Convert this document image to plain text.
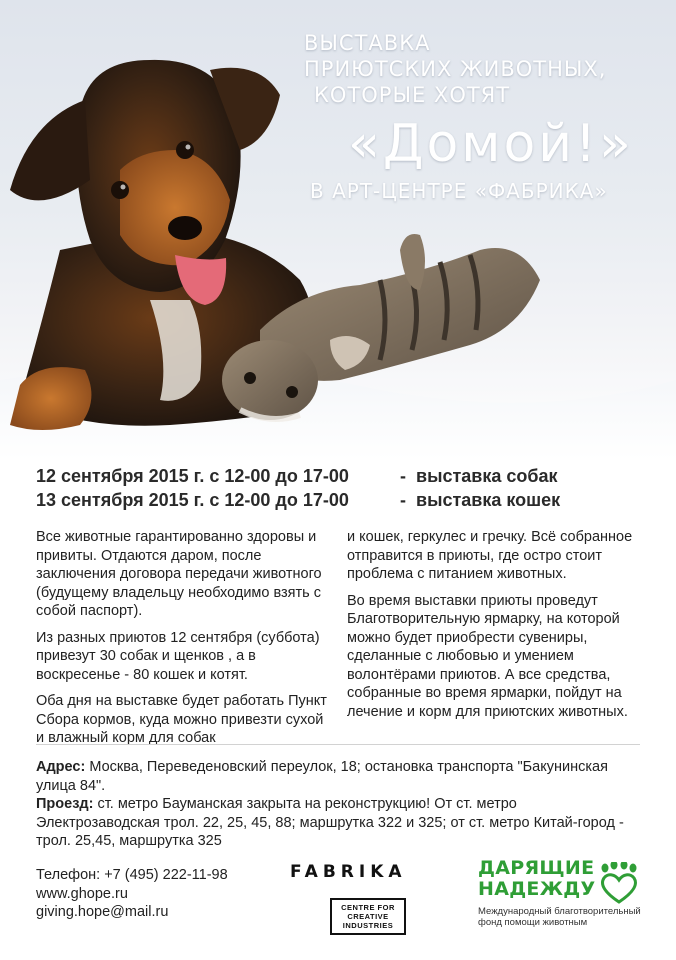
ВЫСТАВКА
ПРИЮТСКИХ ЖИВОТНЫХ,
КОТОРЫЕ ХОТЯТ
«Домой!»
В АРТ-ЦЕНТРЕ «ФАБРИКА»
12 сентября 2015 г. с 12-00 до 17-00	- выставка собак
13 сентября 2015 г. с 12-00 до 17-00	- выставка кошек

Все животные гарантированно здоровы и привиты. Отдаются даром, после заключения договора передачи животного (будущему владельцу необходимо взять с собой паспорт).

Из разных приютов 12 сентября (суббота) привезут 30 собак и щенков , а в воскресенье - 80 кошек и котят.

Оба дня на выставке будет работать Пункт Сбора кормов, куда можно привезти сухой и влажный корм для собак

и кошек, геркулес и гречку. Всё собранное отправится в приюты, где остро стоит проблема с питанием животных.

Во время выставки приюты проведут Благотворительную ярмарку, на которой можно будет приобрести сувениры, сделанные с любовью и умением волонтёрами приютов. А все средства, собранные во время ярмарки, пойдут на лечение и корм для приютских животных.

Адрес: Москва, Переведеновский переулок, 18; остановка транспорта "Бакунинская улица 84".

Проезд: ст. метро Бауманская закрыта на реконструкцию! От ст. метро Электрозаводская трол. 22, 25, 45, 88; маршрутка 322 и 325; от ст. метро Китай-город - трол. 25,45, маршрутка 325

Телефон: +7 (495) 222-11-98
www.ghope.ru
giving.hope@mail.ru
FABRIKA
CENTRE FOR
CREATIVE
INDUSTRIES
ДАРЯЩИЕ
НАДЕЖДУ
Международный благотворительный
фонд помощи животным
